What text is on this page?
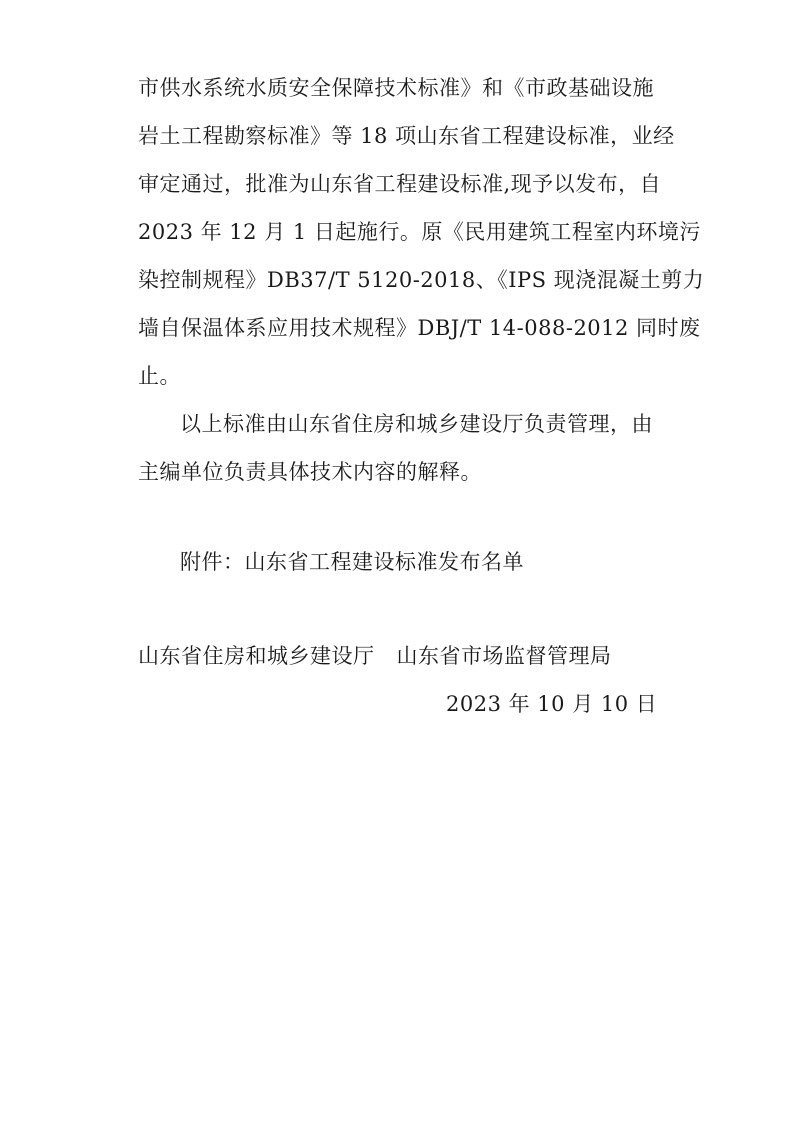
市供水系统水质安全保障技术标准》和《市政基础设施
岩土工程勘察标准》等 18 项山东省工程建设标准，业经
审定通过，批准为山东省工程建设标准,现予以发布，自
2023 年 12 月 1 日起施行。原《民用建筑工程室内环境污
染控制规程》DB37/T 5120-2018、《IPS 现浇混凝土剪力
墙自保温体系应用技术规程》DBJ/T 14-088-2012 同时废
止。
以上标准由山东省住房和城乡建设厅负责管理，由
主编单位负责具体技术内容的解释。
附件：山东省工程建设标准发布名单
山东省住房和城乡建设厅 山东省市场监督管理局
2023 年 10 月 10 日
